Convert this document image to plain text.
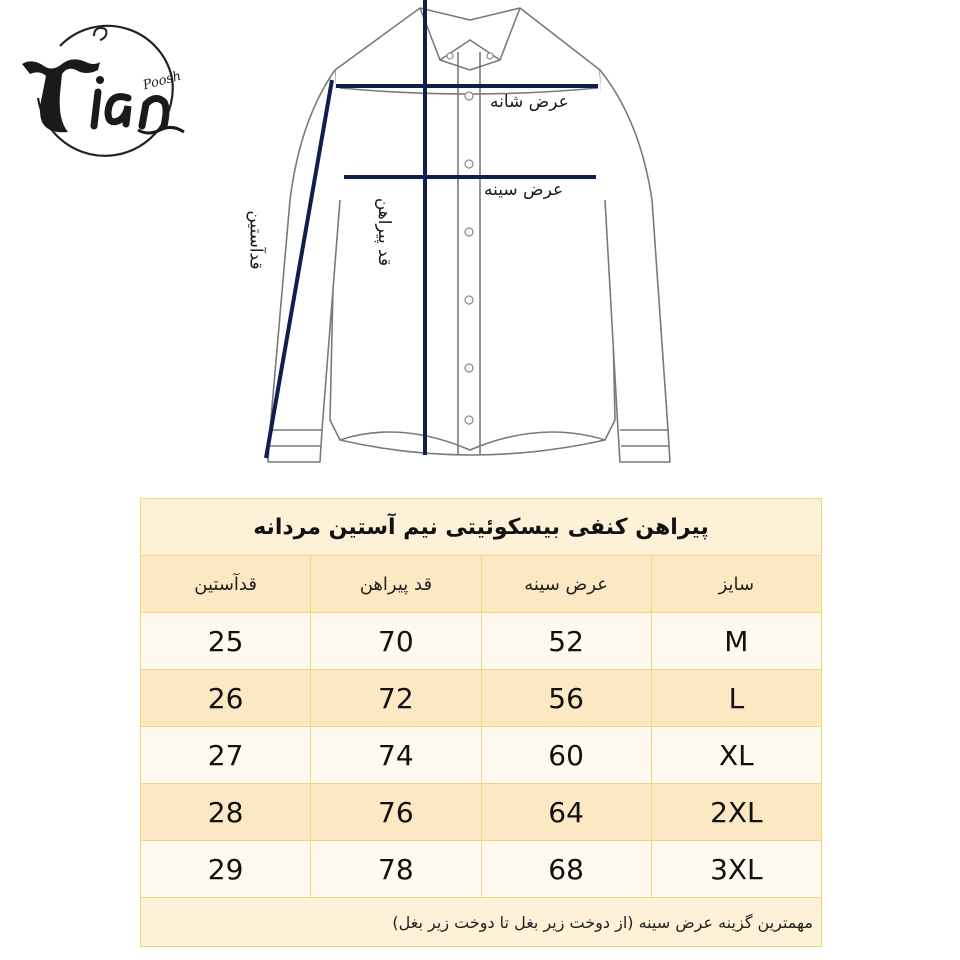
Poosh
عرض شانه
عرض سینه
قد پیراهن
قدآستین
پیراهن کنفی بیسکوئیتی نیم آستین مردانه			
سایز	عرض سینه	قد پیراهن	قدآستین
M	52	70	25
L	56	72	26
XL	60	74	27
2XL	64	76	28
3XL	68	78	29
مهمترین گزینه عرض سینه (از دوخت زیر بغل تا دوخت زیر بغل)			
